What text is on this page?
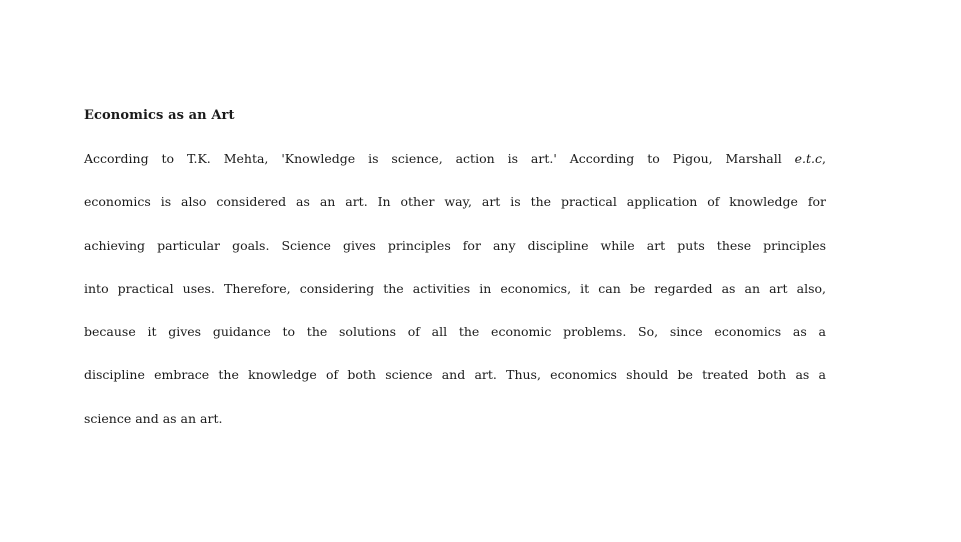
Economics as an Art
According to T.K. Mehta, 'Knowledge is science, action is art.' According to Pigou, Marshall e.t.c,
economics is also considered as an art. In other way, art is the practical application of knowledge for
achieving particular goals. Science gives principles for any discipline while art puts these principles
into practical uses. Therefore, considering the activities in economics, it can be regarded as an art also,
because it gives guidance to the solutions of all the economic problems. So, since economics as a
discipline embrace the knowledge of both science and art. Thus, economics should be treated both as a
science and as an art.
